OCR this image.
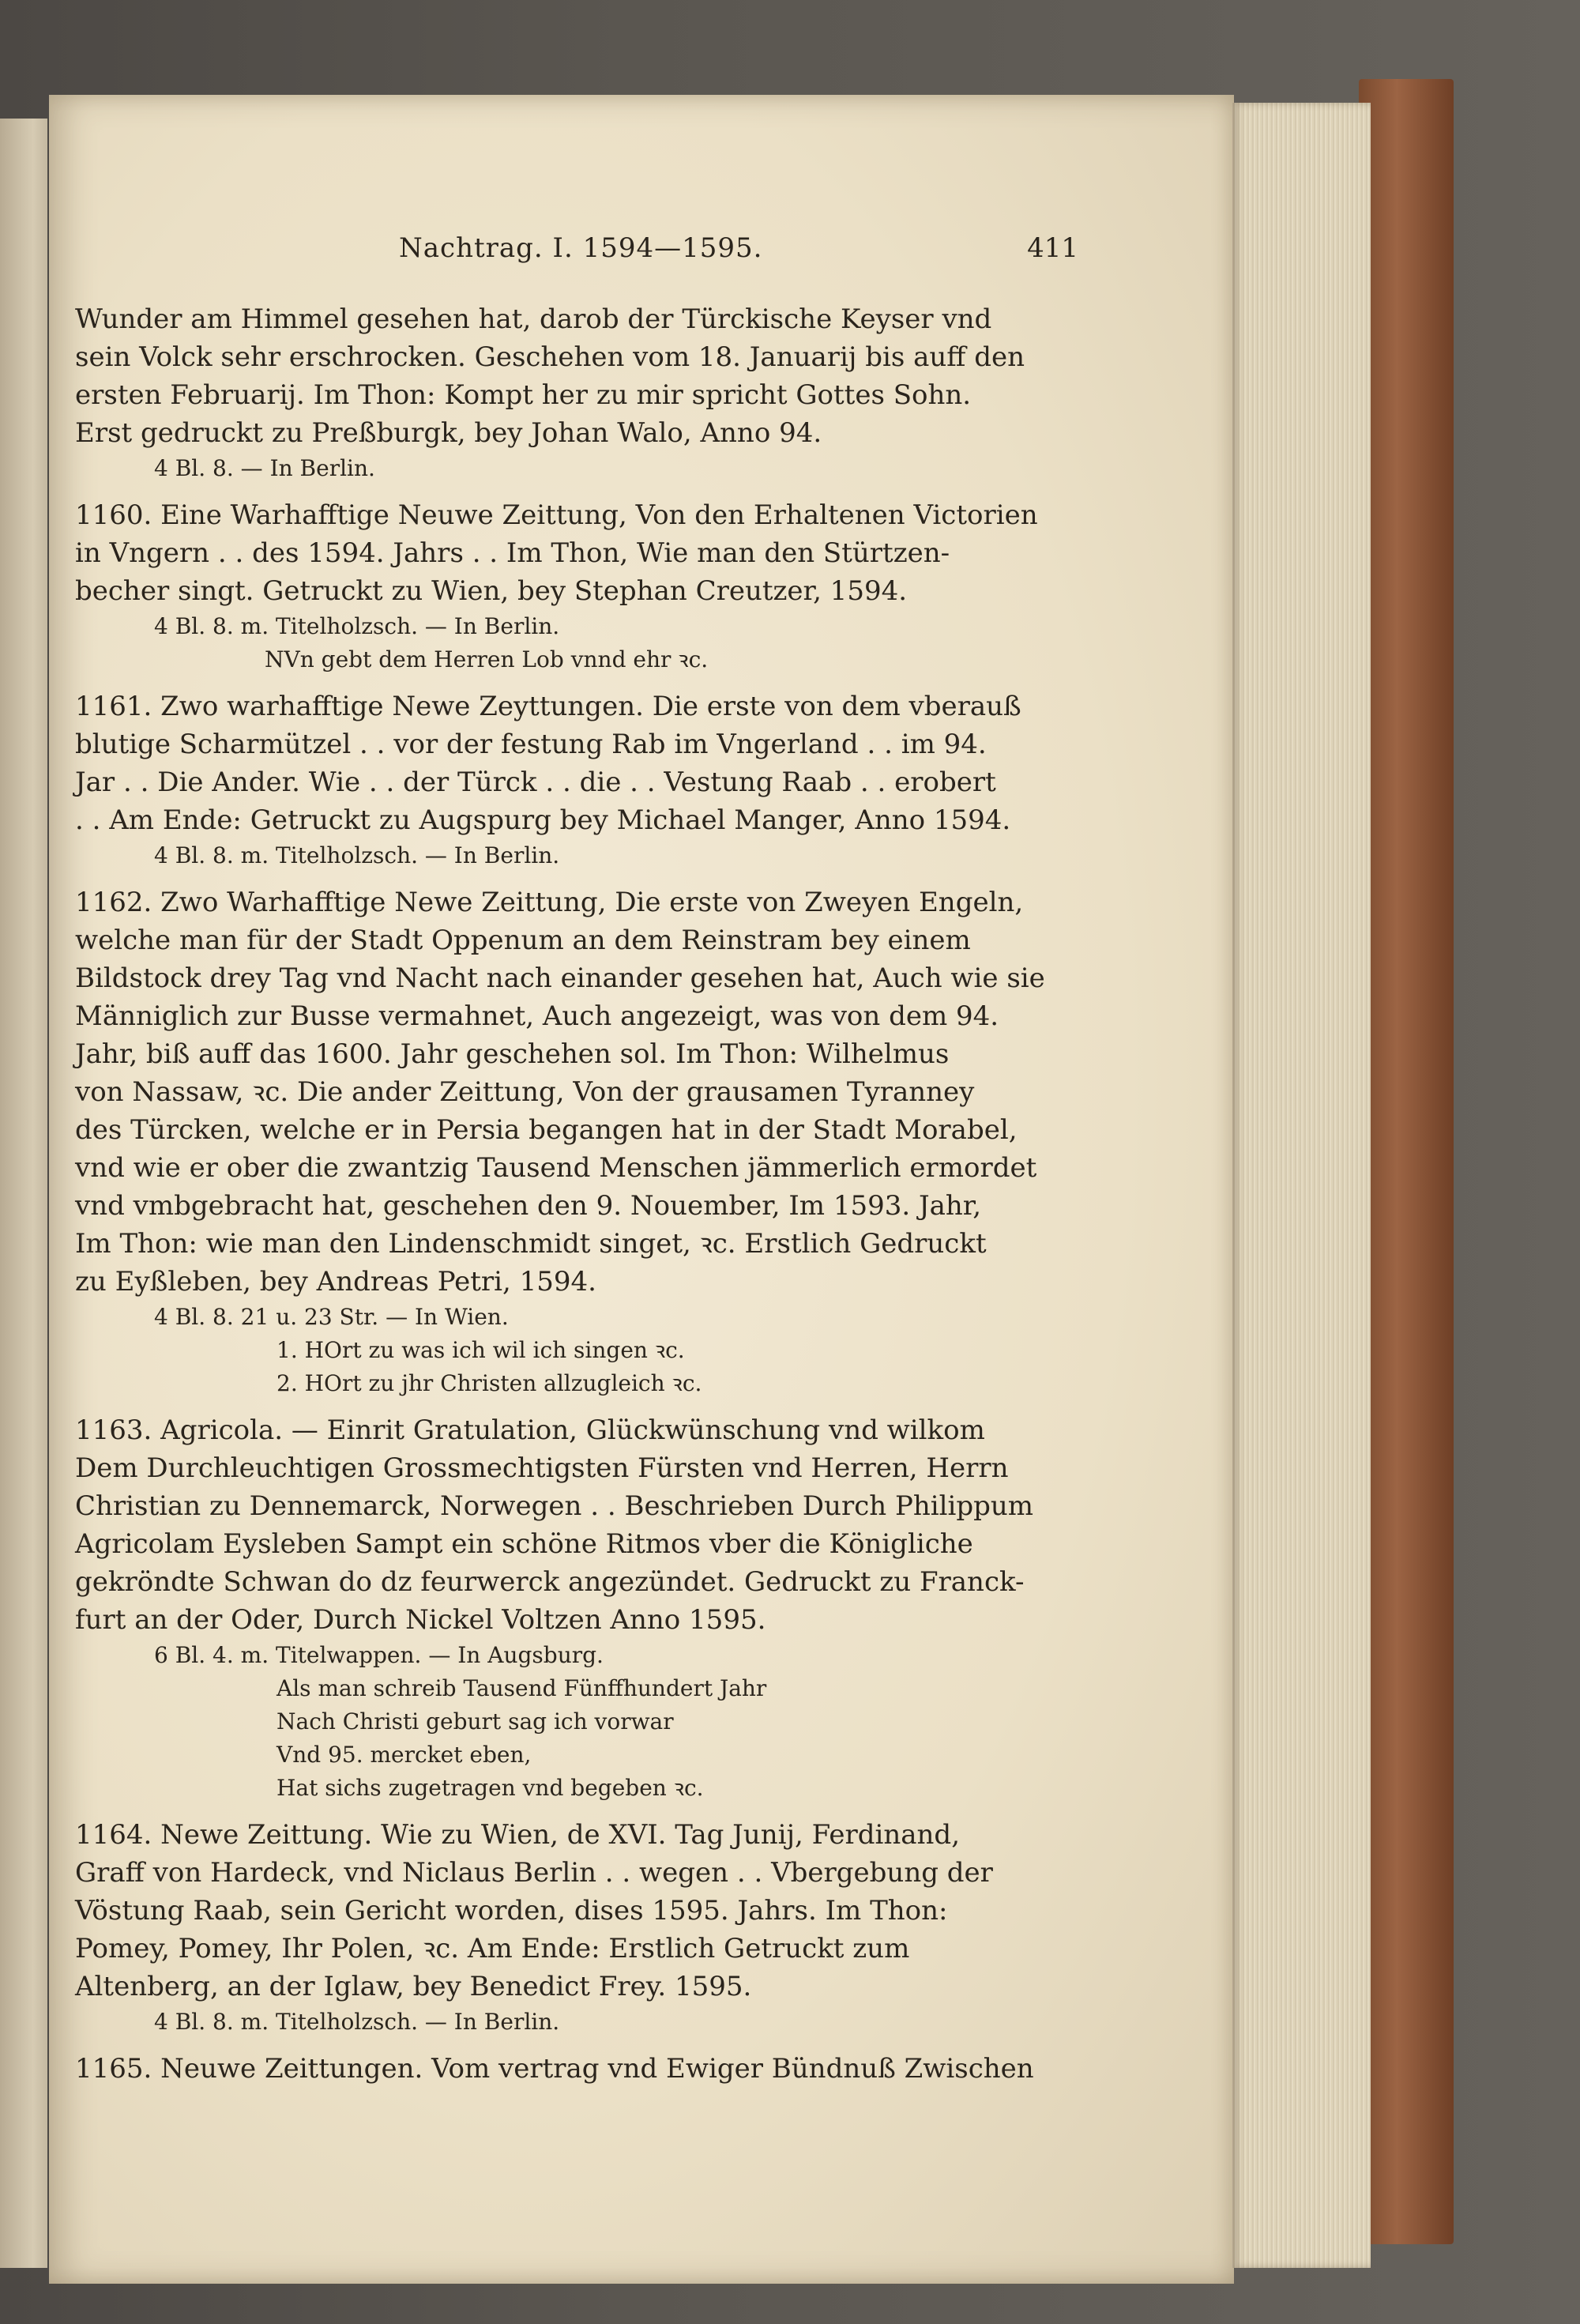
Nachtrag. I. 1594—1595.	411
Wunder am Himmel gesehen hat, darob der Türckische Keyser vnd
sein Volck sehr erschrocken. Geschehen vom 18. Januarij bis auff den
ersten Februarij. Im Thon: Kompt her zu mir spricht Gottes Sohn.
Erst gedruckt zu Preßburgk, bey Johan Walo, Anno 94.
4 Bl. 8. — In Berlin.
1160. Eine Warhafftige Neuwe Zeittung, Von den Erhaltenen Victorien
in Vngern . . des 1594. Jahrs . . Im Thon, Wie man den Stürtzen-
becher singt. Getruckt zu Wien, bey Stephan Creutzer, 1594.
4 Bl. 8. m. Titelholzsch. — In Berlin.
NVn gebt dem Herren Lob vnnd ehr ꝛc.
1161. Zwo warhafftige Newe Zeyttungen. Die erste von dem vberauß
blutige Scharmützel . . vor der festung Rab im Vngerland . . im 94.
Jar . . Die Ander. Wie . . der Türck . . die . . Vestung Raab . . erobert
. . Am Ende: Getruckt zu Augspurg bey Michael Manger, Anno 1594.
4 Bl. 8. m. Titelholzsch. — In Berlin.
1162. Zwo Warhafftige Newe Zeittung, Die erste von Zweyen Engeln,
welche man für der Stadt Oppenum an dem Reinstram bey einem
Bildstock drey Tag vnd Nacht nach einander gesehen hat, Auch wie sie
Männiglich zur Busse vermahnet, Auch angezeigt, was von dem 94.
Jahr, biß auff das 1600. Jahr geschehen sol. Im Thon: Wilhelmus
von Nassaw, ꝛc. Die ander Zeittung, Von der grausamen Tyranney
des Türcken, welche er in Persia begangen hat in der Stadt Morabel,
vnd wie er ober die zwantzig Tausend Menschen jämmerlich ermordet
vnd vmbgebracht hat, geschehen den 9. Nouember, Im 1593. Jahr,
Im Thon: wie man den Lindenschmidt singet, ꝛc. Erstlich Gedruckt
zu Eyßleben, bey Andreas Petri, 1594.
4 Bl. 8. 21 u. 23 Str. — In Wien.
1. HOrt zu was ich wil ich singen ꝛc.
2. HOrt zu jhr Christen allzugleich ꝛc.
1163. Agricola. — Einrit Gratulation, Glückwünschung vnd wilkom
Dem Durchleuchtigen Grossmechtigsten Fürsten vnd Herren, Herrn
Christian zu Dennemarck, Norwegen . . Beschrieben Durch Philippum
Agricolam Eysleben Sampt ein schöne Ritmos vber die Königliche
gekröndte Schwan do dz feurwerck angezündet. Gedruckt zu Franck-
furt an der Oder, Durch Nickel Voltzen Anno 1595.
6 Bl. 4. m. Titelwappen. — In Augsburg.
Als man schreib Tausend Fünffhundert Jahr
Nach Christi geburt sag ich vorwar
Vnd 95. mercket eben,
Hat sichs zugetragen vnd begeben ꝛc.
1164. Newe Zeittung. Wie zu Wien, de XVI. Tag Junij, Ferdinand,
Graff von Hardeck, vnd Niclaus Berlin . . wegen . . Vbergebung der
Vöstung Raab, sein Gericht worden, dises 1595. Jahrs. Im Thon:
Pomey, Pomey, Ihr Polen, ꝛc. Am Ende: Erstlich Getruckt zum
Altenberg, an der Iglaw, bey Benedict Frey. 1595.
4 Bl. 8. m. Titelholzsch. — In Berlin.
1165. Neuwe Zeittungen. Vom vertrag vnd Ewiger Bündnuß Zwischen
